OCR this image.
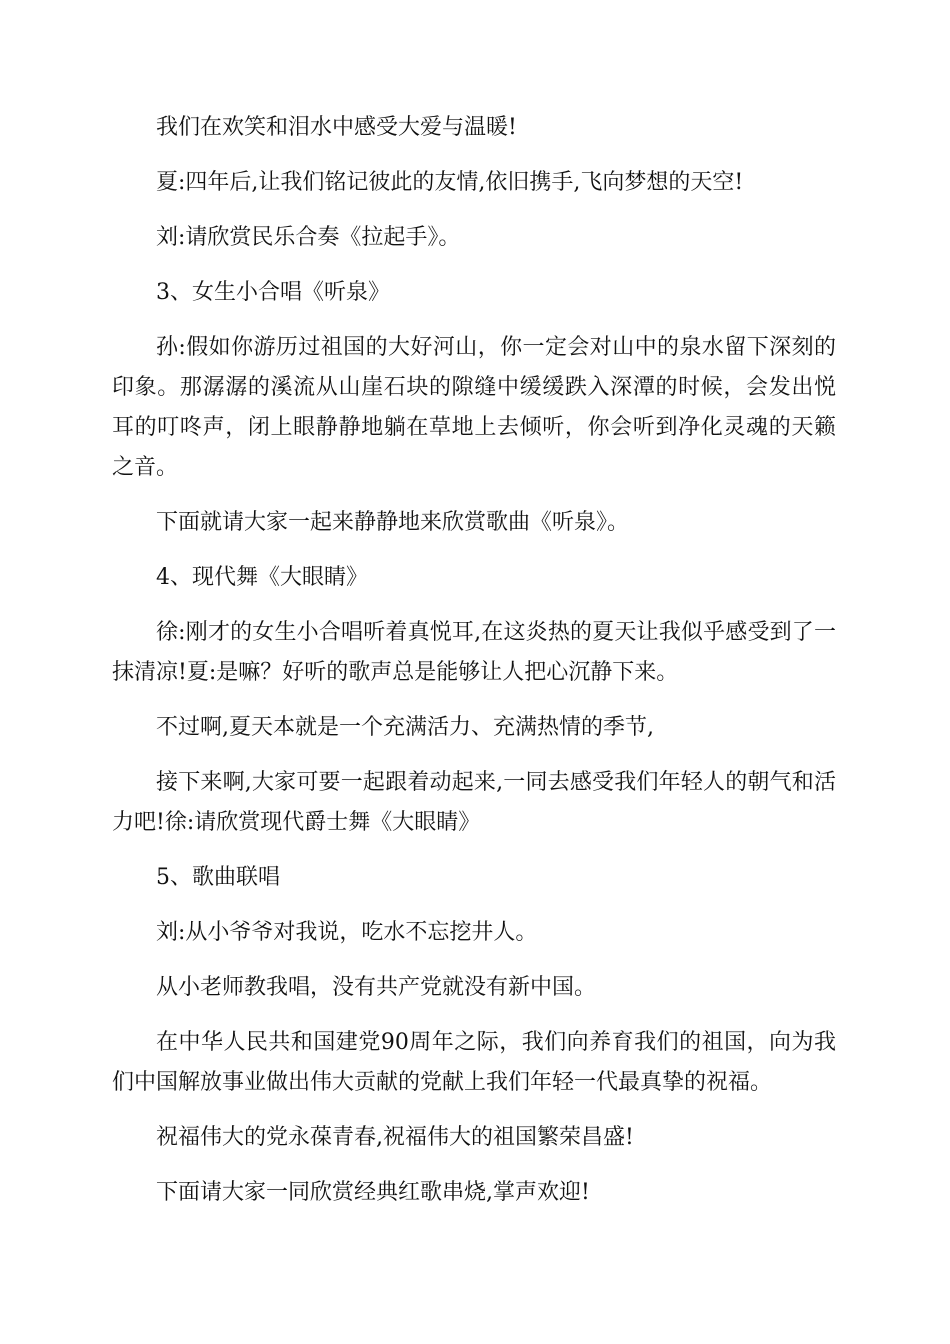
我们在欢笑和泪水中感受大爱与温暖!

夏:四年后,让我们铭记彼此的友情,依旧携手,飞向梦想的天空!

刘:请欣赏民乐合奏《拉起手》。

3、女生小合唱《听泉》

孙:假如你游历过祖国的大好河山，你一定会对山中的泉水留下深刻的印象。那潺潺的溪流从山崖石块的隙缝中缓缓跌入深潭的时候，会发出悦耳的叮咚声，闭上眼静静地躺在草地上去倾听，你会听到净化灵魂的天籁之音。

下面就请大家一起来静静地来欣赏歌曲《听泉》。

4、现代舞《大眼睛》

徐:刚才的女生小合唱听着真悦耳,在这炎热的夏天让我似乎感受到了一抹清凉!夏:是嘛？好听的歌声总是能够让人把心沉静下来。

不过啊,夏天本就是一个充满活力、充满热情的季节,

接下来啊,大家可要一起跟着动起来,一同去感受我们年轻人的朝气和活力吧!徐:请欣赏现代爵士舞《大眼睛》

5、歌曲联唱

刘:从小爷爷对我说，吃水不忘挖井人。

从小老师教我唱，没有共产党就没有新中国。

在中华人民共和国建党90周年之际，我们向养育我们的祖国，向为我们中国解放事业做出伟大贡献的党献上我们年轻一代最真挚的祝福。

祝福伟大的党永葆青春,祝福伟大的祖国繁荣昌盛!

下面请大家一同欣赏经典红歌串烧,掌声欢迎!
